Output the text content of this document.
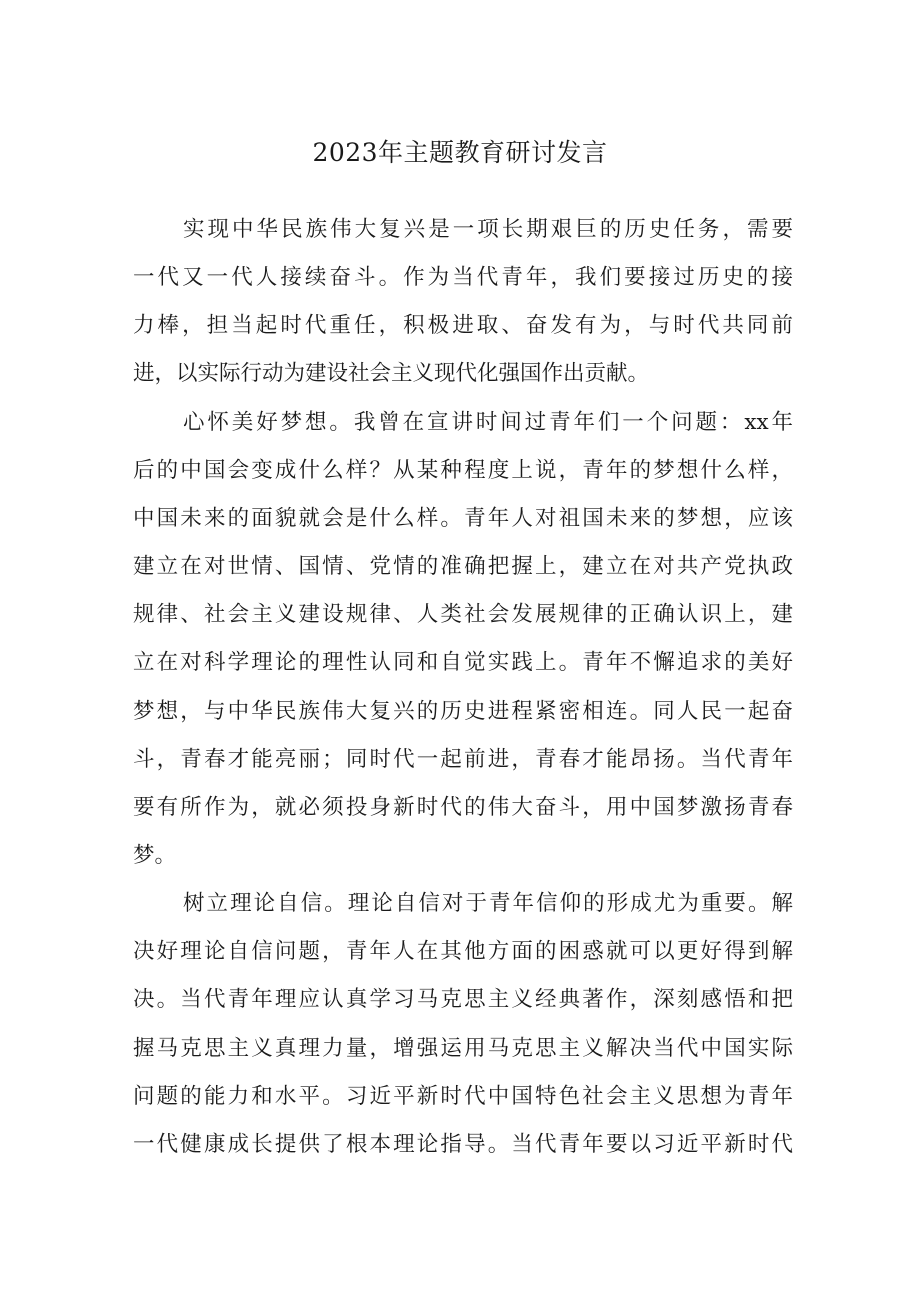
2023年主题教育研讨发言
实现中华民族伟大复兴是一项长期艰巨的历史任务，需要
一代又一代人接续奋斗。作为当代青年，我们要接过历史的接
力棒，担当起时代重任，积极进取、奋发有为，与时代共同前
进，以实际行动为建设社会主义现代化强国作出贡献。
心怀美好梦想。我曾在宣讲时间过青年们一个问题：xx年
后的中国会变成什么样？从某种程度上说，青年的梦想什么样，
中国未来的面貌就会是什么样。青年人对祖国未来的梦想，应该
建立在对世情、国情、党情的准确把握上，建立在对共产党执政
规律、社会主义建设规律、人类社会发展规律的正确认识上，建
立在对科学理论的理性认同和自觉实践上。青年不懈追求的美好
梦想，与中华民族伟大复兴的历史进程紧密相连。同人民一起奋
斗，青春才能亮丽；同时代一起前进，青春才能昂扬。当代青年
要有所作为，就必须投身新时代的伟大奋斗，用中国梦激扬青春
梦。
树立理论自信。理论自信对于青年信仰的形成尤为重要。解
决好理论自信问题，青年人在其他方面的困惑就可以更好得到解
决。当代青年理应认真学习马克思主义经典著作，深刻感悟和把
握马克思主义真理力量，增强运用马克思主义解决当代中国实际
问题的能力和水平。习近平新时代中国特色社会主义思想为青年
一代健康成长提供了根本理论指导。当代青年要以习近平新时代
